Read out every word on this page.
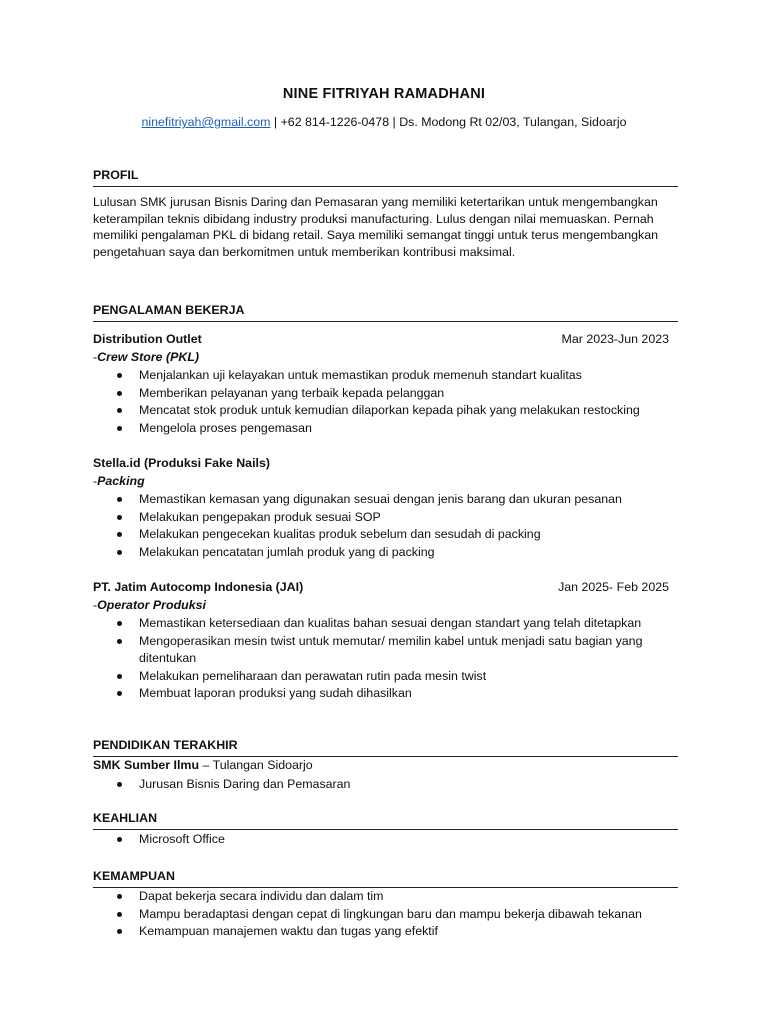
NINE FITRIYAH RAMADHANI
ninefitriyah@gmail.com | +62 814-1226-0478 | Ds. Modong Rt 02/03, Tulangan, Sidoarjo
PROFIL
Lulusan SMK jurusan Bisnis Daring dan Pemasaran yang memiliki ketertarikan untuk mengembangkan keterampilan teknis dibidang industry produksi manufacturing. Lulus dengan nilai memuaskan. Pernah memiliki pengalaman PKL di bidang retail. Saya memiliki semangat tinggi untuk terus mengembangkan pengetahuan saya dan berkomitmen untuk memberikan kontribusi maksimal.
PENGALAMAN BEKERJA
Distribution Outlet	Mar 2023-Jun 2023
-Crew Store (PKL)
Menjalankan uji kelayakan untuk memastikan produk memenuh standart kualitas
Memberikan pelayanan yang terbaik kepada pelanggan
Mencatat stok produk untuk kemudian dilaporkan kepada pihak yang melakukan restocking
Mengelola proses pengemasan
Stella.id (Produksi Fake Nails)
-Packing
Memastikan kemasan yang digunakan sesuai dengan jenis barang dan ukuran pesanan
Melakukan pengepakan produk sesuai SOP
Melakukan pengecekan kualitas produk sebelum dan sesudah di packing
Melakukan pencatatan jumlah produk yang di packing
PT. Jatim Autocomp Indonesia (JAI)	Jan 2025- Feb 2025
-Operator Produksi
Memastikan ketersediaan dan kualitas bahan sesuai dengan standart yang telah ditetapkan
Mengoperasikan mesin twist untuk memutar/ memilin kabel untuk menjadi satu bagian yang ditentukan
Melakukan pemeliharaan dan perawatan rutin pada mesin twist
Membuat laporan produksi yang sudah dihasilkan
PENDIDIKAN TERAKHIR
SMK Sumber Ilmu – Tulangan Sidoarjo
Jurusan Bisnis Daring dan Pemasaran
KEAHLIAN
Microsoft Office
KEMAMPUAN
Dapat bekerja secara individu dan dalam tim
Mampu beradaptasi dengan cepat di lingkungan baru dan mampu bekerja dibawah tekanan
Kemampuan manajemen waktu dan tugas yang efektif
